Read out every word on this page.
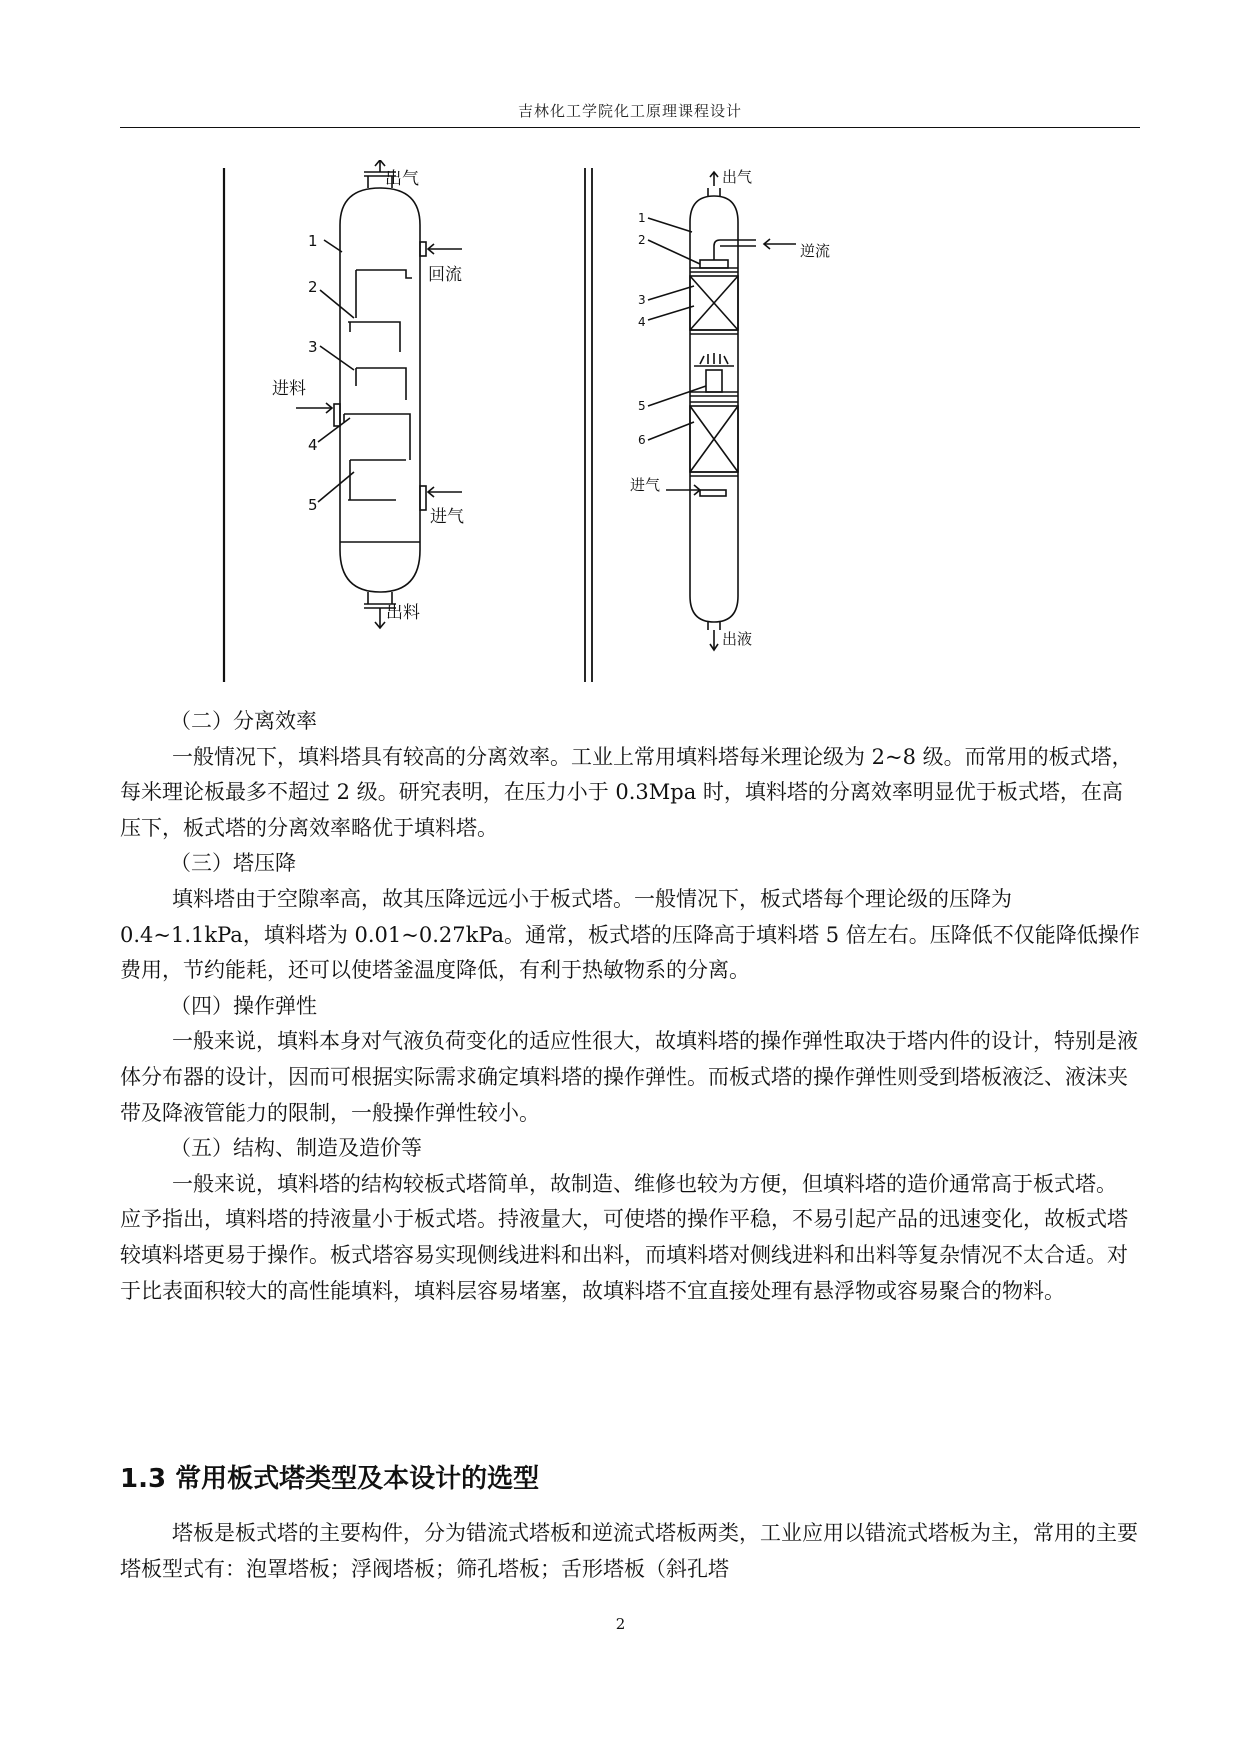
吉林化工学院化工原理课程设计
出气
回流
进料
进气
出料
1
2
3
4
5
出气
逆流
进气
出液
1
2
3
4
5
6

（二）分离效率

一般情况下，填料塔具有较高的分离效率。工业上常用填料塔每米理论级为 2~8 级。而常用的板式塔，每米理论板最多不超过 2 级。研究表明，在压力小于 0.3Mpa 时，填料塔的分离效率明显优于板式塔，在高压下，板式塔的分离效率略优于填料塔。

（三）塔压降

填料塔由于空隙率高，故其压降远远小于板式塔。一般情况下，板式塔每个理论级的压降为 0.4~1.1kPa，填料塔为 0.01~0.27kPa。通常，板式塔的压降高于填料塔 5 倍左右。压降低不仅能降低操作费用，节约能耗，还可以使塔釜温度降低，有利于热敏物系的分离。

（四）操作弹性

一般来说，填料本身对气液负荷变化的适应性很大，故填料塔的操作弹性取决于塔内件的设计，特别是液体分布器的设计，因而可根据实际需求确定填料塔的操作弹性。而板式塔的操作弹性则受到塔板液泛、液沫夹带及降液管能力的限制，一般操作弹性较小。

（五）结构、制造及造价等

一般来说，填料塔的结构较板式塔简单，故制造、维修也较为方便，但填料塔的造价通常高于板式塔。

应予指出，填料塔的持液量小于板式塔。持液量大，可使塔的操作平稳，不易引起产品的迅速变化，故板式塔较填料塔更易于操作。板式塔容易实现侧线进料和出料，而填料塔对侧线进料和出料等复杂情况不太合适。对于比表面积较大的高性能填料，填料层容易堵塞，故填料塔不宜直接处理有悬浮物或容易聚合的物料。

1.3 常用板式塔类型及本设计的选型

塔板是板式塔的主要构件，分为错流式塔板和逆流式塔板两类，工业应用以错流式塔板为主，常用的主要塔板型式有：泡罩塔板；浮阀塔板；筛孔塔板；舌形塔板（斜孔塔

2
